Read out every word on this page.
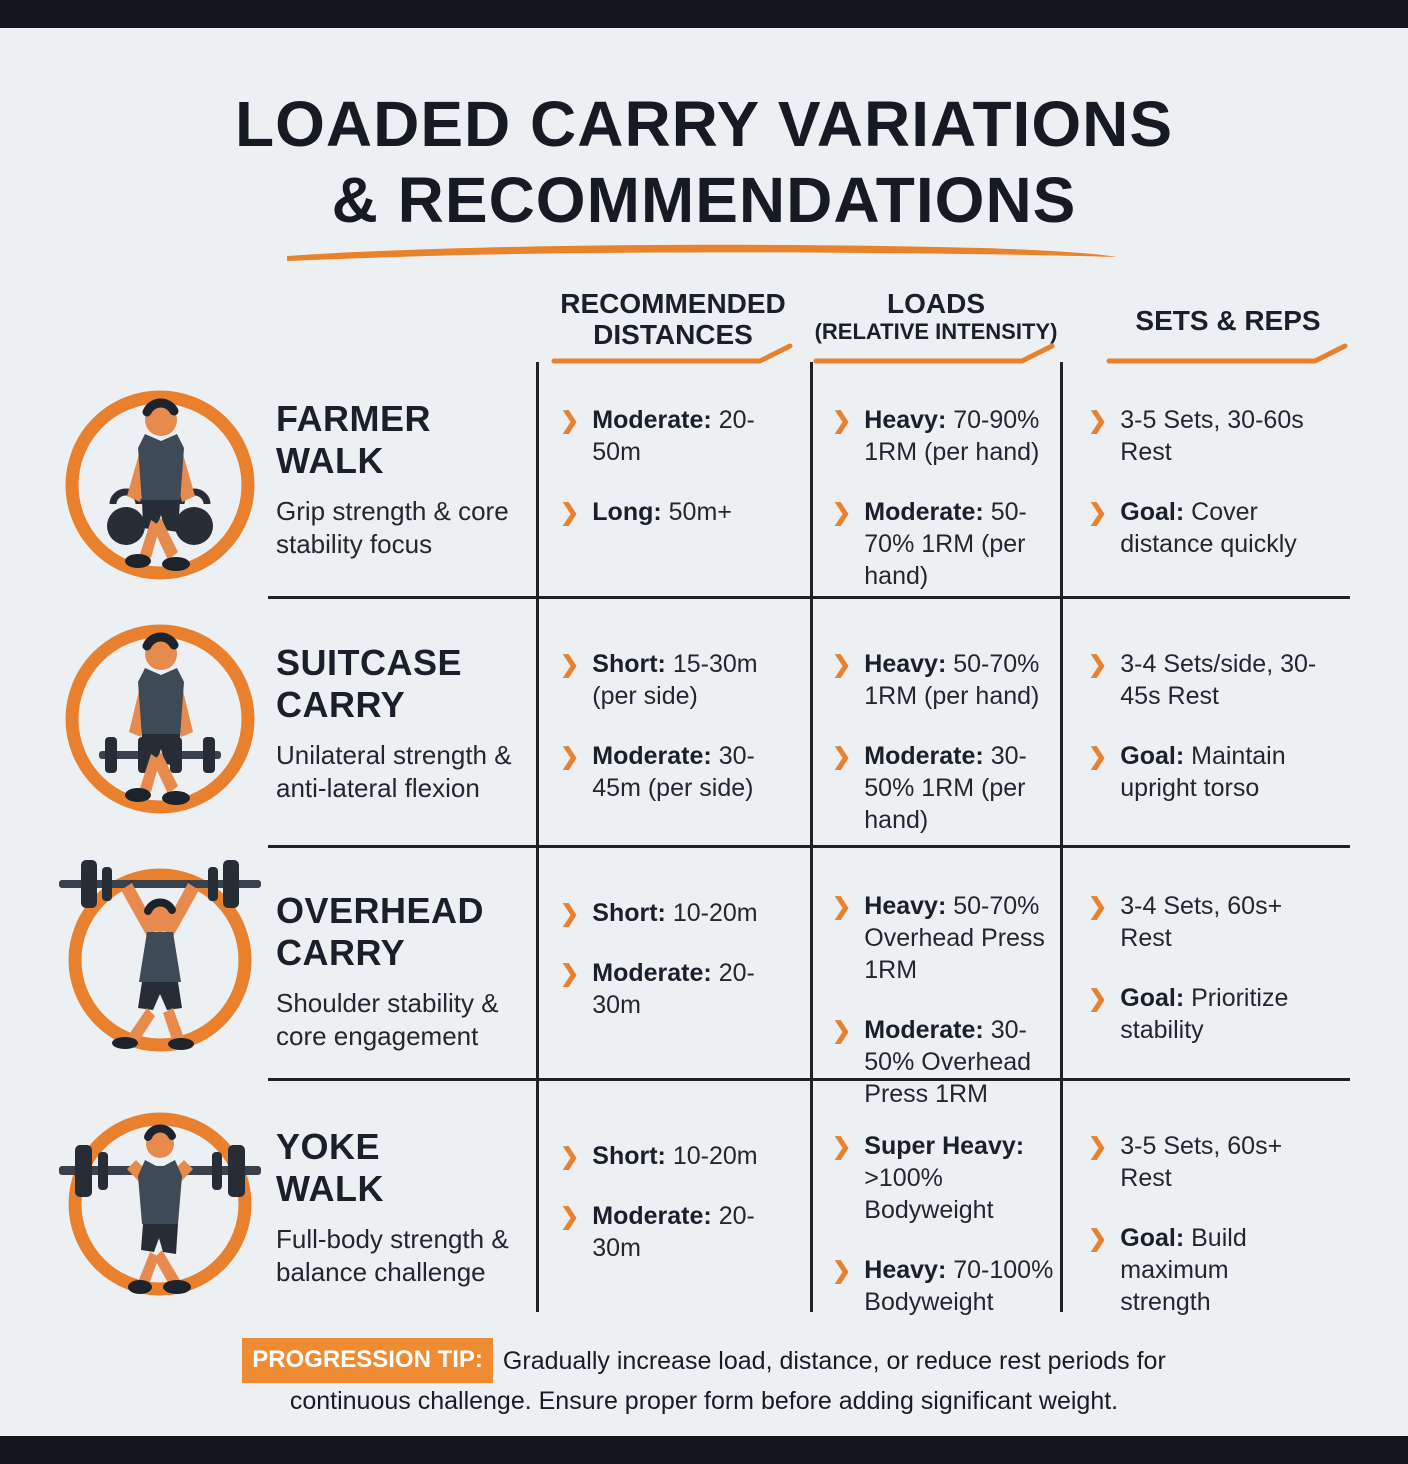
LOADED CARRY VARIATIONS
& RECOMMENDATIONS
RECOMMENDED
DISTANCES
LOADS
(RELATIVE INTENSITY)	SETS & REPS
FARMER
WALK
Grip strength & core
stability focus
❯ Moderate: 20-50m
❯ Long: 50m+
❯ Heavy: 70-90% 1RM (per hand)
❯ Moderate: 50-70% 1RM (per hand)
❯ 3-5 Sets, 30-60s Rest
❯ Goal: Cover distance quickly
SUITCASE
CARRY
Unilateral strength &
anti-lateral flexion
❯ Short: 15-30m (per side)
❯ Moderate: 30-45m (per side)
❯ Heavy: 50-70% 1RM (per hand)
❯ Moderate: 30-50% 1RM (per hand)
❯ 3-4 Sets/side, 30-45s Rest
❯ Goal: Maintain upright torso
OVERHEAD
CARRY
Shoulder stability &
core engagement
❯ Short: 10-20m
❯ Moderate: 20-30m
❯ Heavy: 50-70% Overhead Press 1RM
❯ Moderate: 30-50% Overhead Press 1RM
❯ 3-4 Sets, 60s+ Rest
❯ Goal: Prioritize stability
YOKE
WALK
Full-body strength &
balance challenge
❯ Short: 10-20m
❯ Moderate: 20-30m
❯ Super Heavy: >100% Bodyweight
❯ Heavy: 70-100% Bodyweight
❯ 3-5 Sets, 60s+ Rest
❯ Goal: Build maximum strength
PROGRESSION TIP: Gradually increase load, distance, or reduce rest periods for
continuous challenge. Ensure proper form before adding significant weight.
